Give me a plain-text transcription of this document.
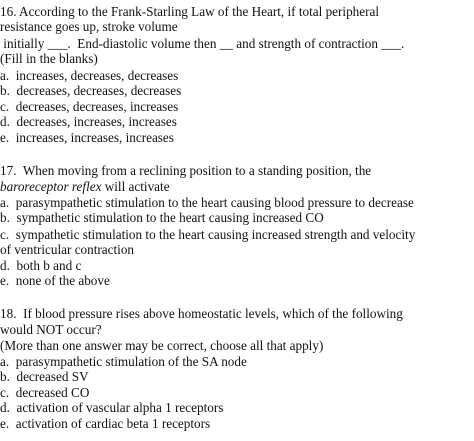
16. According to the Frank-Starling Law of the Heart, if total peripheral
resistance goes up, stroke volume
initially ___.  End-diastolic volume then __ and strength of contraction ___.
(Fill in the blanks)
a.  increases, decreases, decreases
b.  decreases, decreases, decreases
c.  decreases, decreases, increases
d.  decreases, increases, increases
e.  increases, increases, increases
17.  When moving from a reclining position to a standing position, the
baroreceptor reflex will activate
a.  parasympathetic stimulation to the heart causing blood pressure to decrease
b.  sympathetic stimulation to the heart causing increased CO
c.  sympathetic stimulation to the heart causing increased strength and velocity
of ventricular contraction
d.  both b and c
e.  none of the above
18.  If blood pressure rises above homeostatic levels, which of the following
would NOT occur?
(More than one answer may be correct, choose all that apply)
a.  parasympathetic stimulation of the SA node
b.  decreased SV
c.  decreased CO
d.  activation of vascular alpha 1 receptors
e.  activation of cardiac beta 1 receptors
